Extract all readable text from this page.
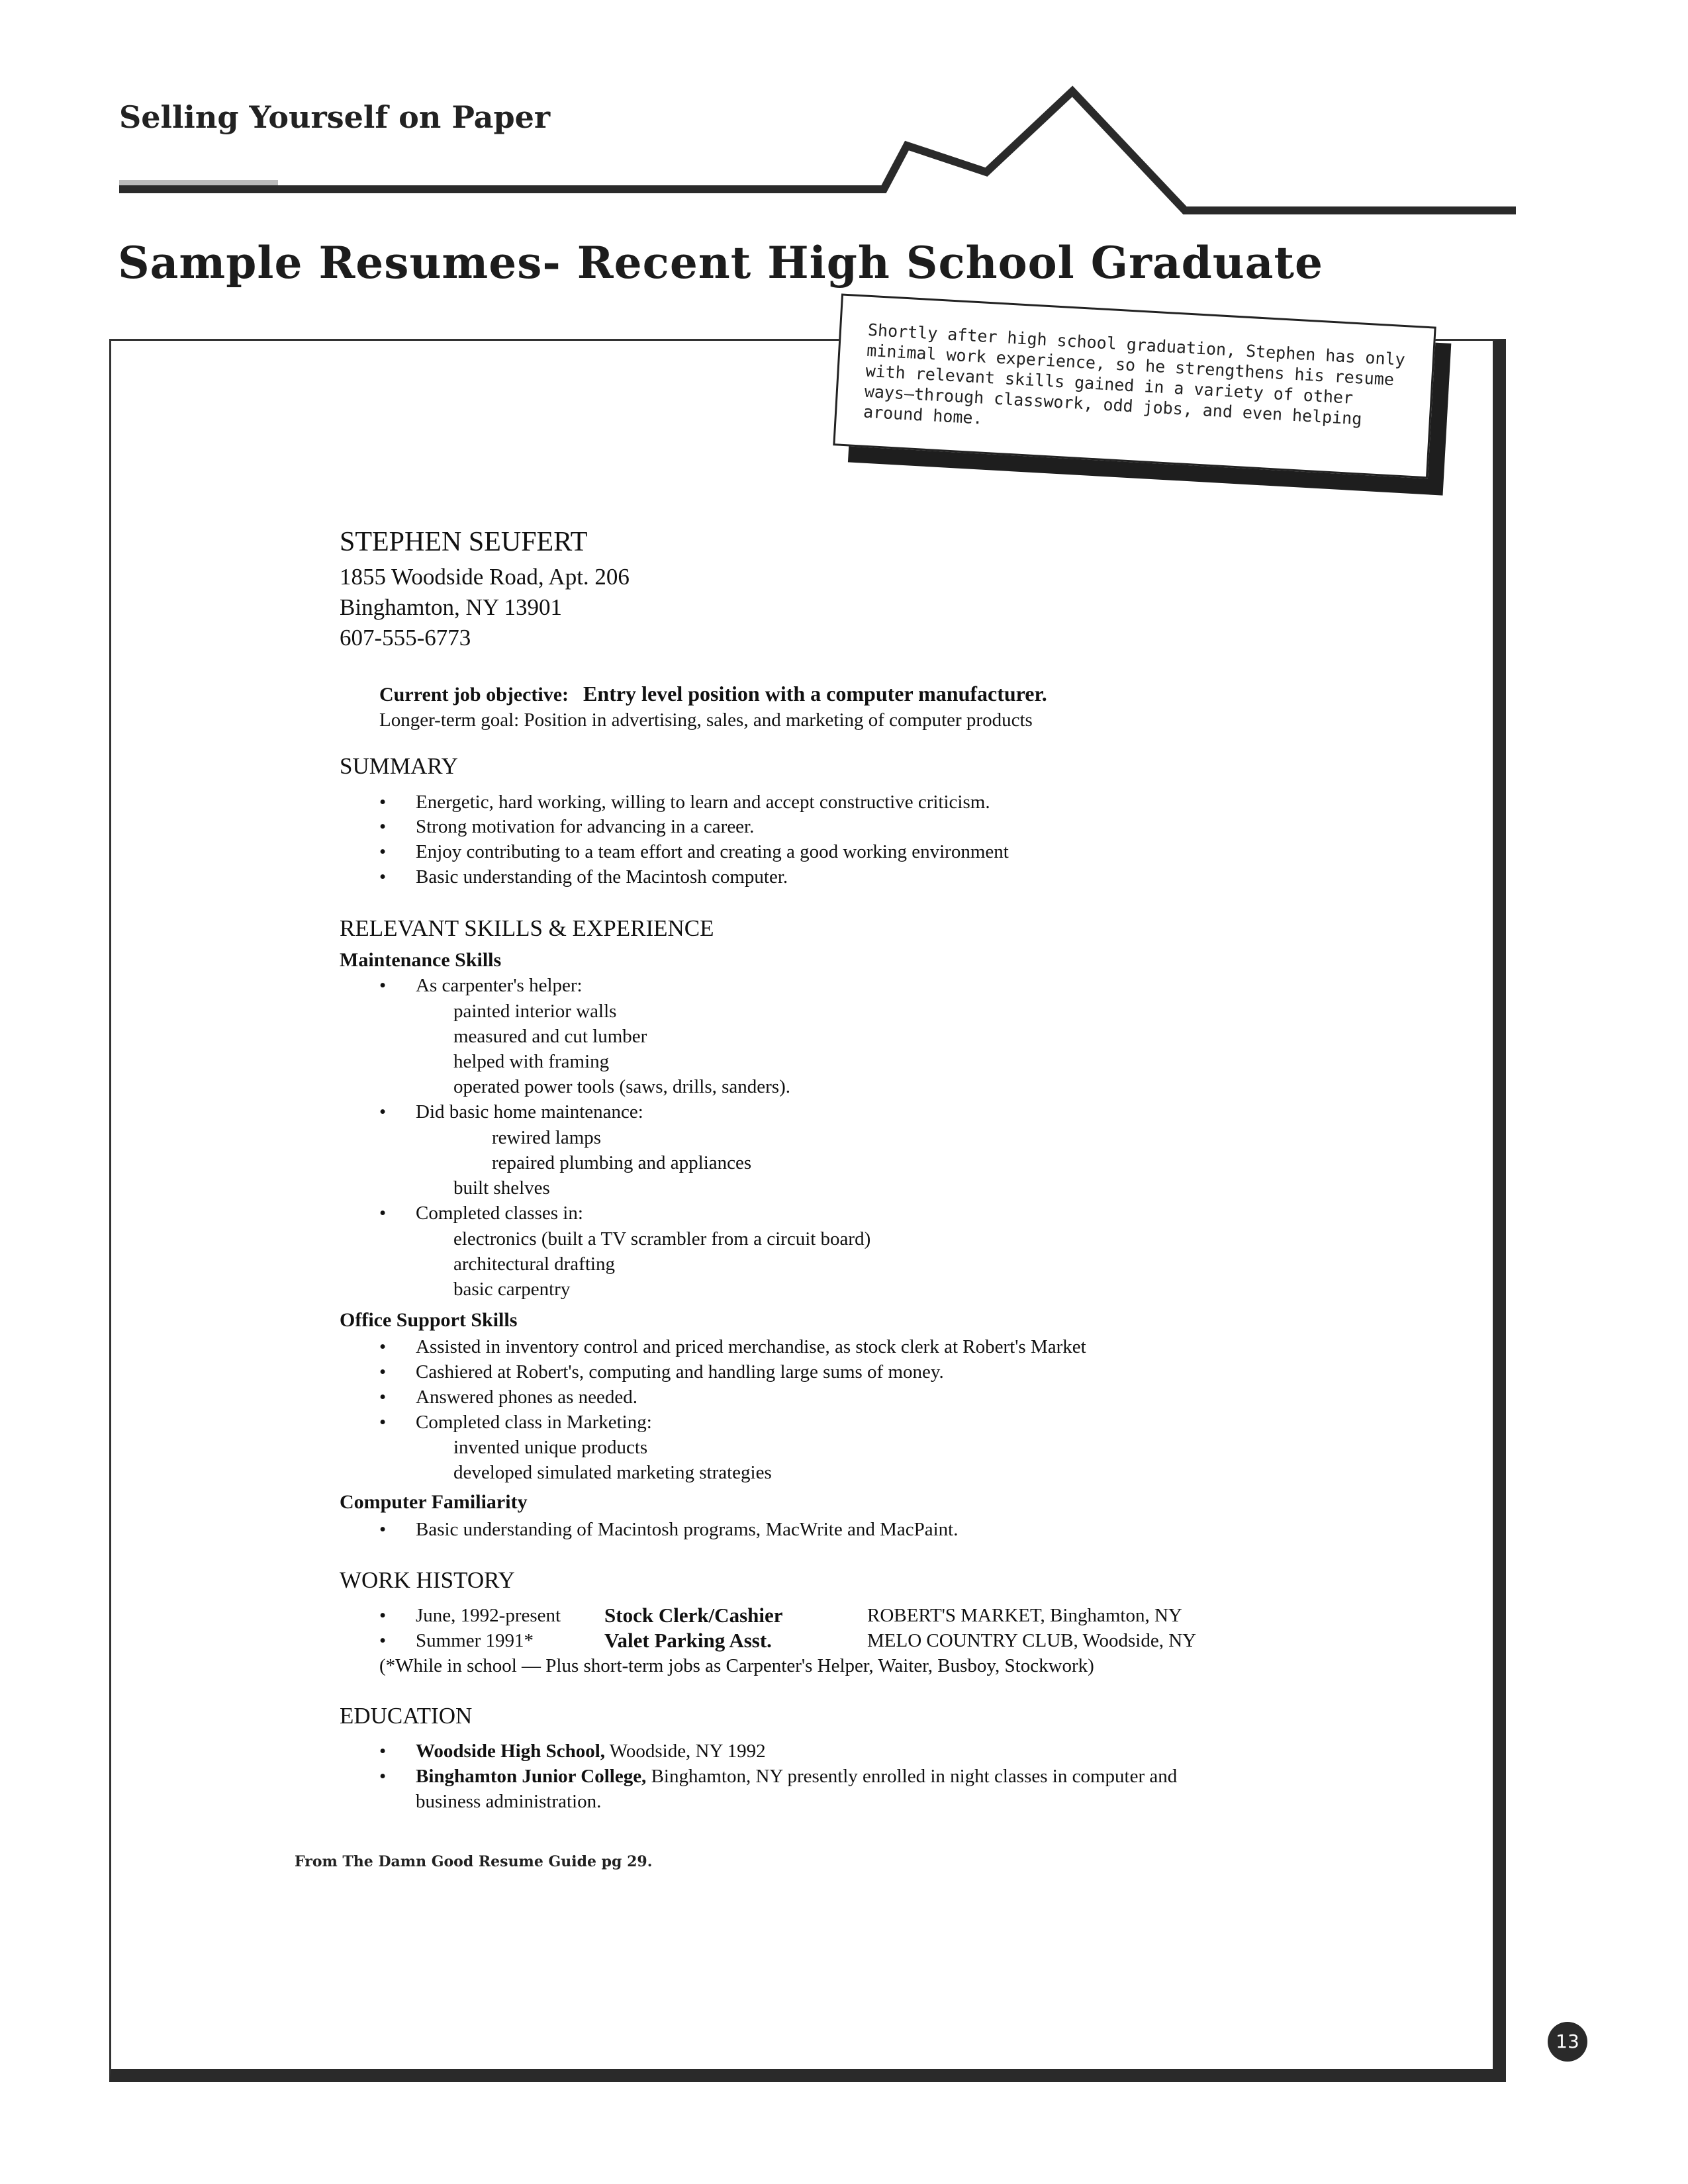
Selling Yourself on Paper
Sample Resumes- Recent High School Graduate
Shortly after high school graduation, Stephen has only minimal work experience, so he strengthens his resume with relevant skills gained in a variety of other ways–through classwork, odd jobs, and even helping around home.
STEPHEN SEUFERT
1855 Woodside Road, Apt. 206
Binghamton, NY 13901
607-555-6773
Current job objective: Entry level position with a computer manufacturer.
Longer-term goal: Position in advertising, sales, and marketing of computer products
SUMMARY
• Energetic, hard working, willing to learn and accept constructive criticism.
• Strong motivation for advancing in a career.
• Enjoy contributing to a team effort and creating a good working environment
• Basic understanding of the Macintosh computer.
RELEVANT SKILLS & EXPERIENCE
Maintenance Skills
• As carpenter's helper:
painted interior walls
measured and cut lumber
helped with framing
operated power tools (saws, drills, sanders).
• Did basic home maintenance:
rewired lamps
repaired plumbing and appliances
built shelves
• Completed classes in:
electronics (built a TV scrambler from a circuit board)
architectural drafting
basic carpentry
Office Support Skills
• Assisted in inventory control and priced merchandise, as stock clerk at Robert's Market
• Cashiered at Robert's, computing and handling large sums of money.
• Answered phones as needed.
• Completed class in Marketing:
invented unique products
developed simulated marketing strategies
Computer Familiarity
• Basic understanding of Macintosh programs, MacWrite and MacPaint.
WORK HISTORY
• June, 1992-present Stock Clerk/Cashier	ROBERT'S MARKET, Binghamton, NY
• Summer 1991*	Valet Parking Asst.	MELO COUNTRY CLUB, Woodside, NY
(*While in school — Plus short-term jobs as Carpenter's Helper, Waiter, Busboy, Stockwork)
EDUCATION
• Woodside High School, Woodside, NY 1992
• Binghamton Junior College, Binghamton, NY presently enrolled in night classes in computer and
business administration.
From The Damn Good Resume Guide pg 29.
13
